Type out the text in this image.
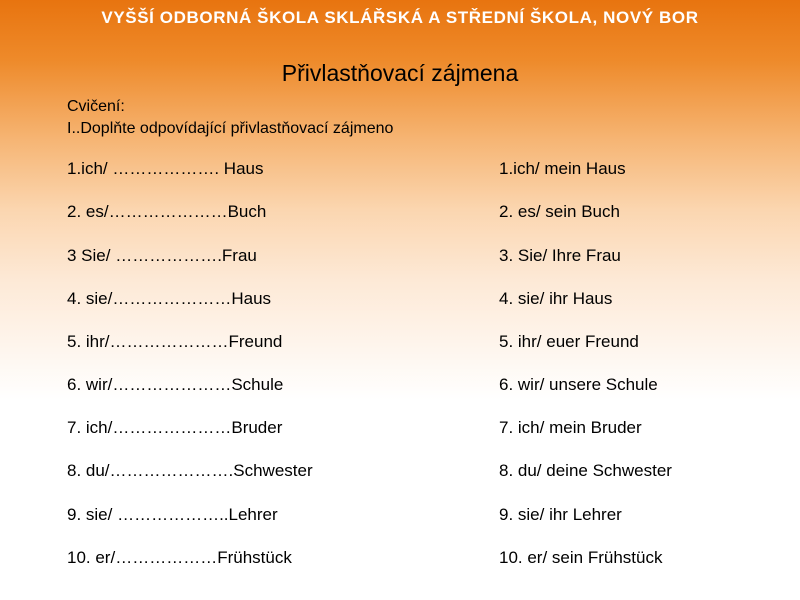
VYŠŠÍ ODBORNÁ ŠKOLA SKLÁŘSKÁ A STŘEDNÍ ŠKOLA, NOVÝ BOR
Přivlastňovací zájmena
Cvičení:
I..Doplňte odpovídající přivlastňovací zájmeno
1.ich/ ………………. Haus	1.ich/ mein Haus
2. es/…………………Buch	2. es/ sein Buch
3 Sie/ ……………….Frau	3. Sie/ Ihre Frau
4. sie/…………………Haus	4. sie/ ihr Haus
5. ihr/…………………Freund	5. ihr/ euer Freund
6. wir/…………………Schule	6. wir/ unsere Schule
7. ich/…………………Bruder	7. ich/ mein Bruder
8. du/………………….Schwester	8. du/ deine Schwester
9. sie/ ………………..Lehrer	9. sie/ ihr Lehrer
10. er/………………Frühstück	10. er/ sein Frühstück
